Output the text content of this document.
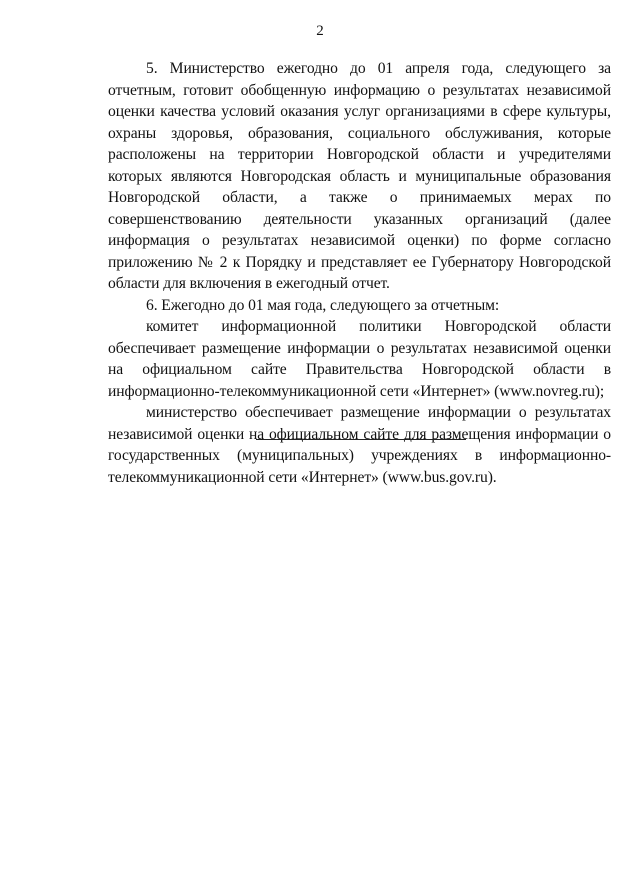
2

5. Министерство ежегодно до 01 апреля года, следующего за отчетным, готовит обобщенную информацию о результатах независимой оценки качества условий оказания услуг организациями в сфере культуры, охраны здоровья, образования, социального обслуживания, которые расположены на территории Новгородской области и учредителями которых являются Новгородская область и муниципальные образования Новгородской области, а также о принимаемых мерах по совершенствованию деятельности указанных организаций (далее информация о результатах независимой оценки) по форме согласно приложению № 2 к Порядку и представляет ее Губернатору Новгородской области для включения в ежегодный отчет.

6. Ежегодно до 01 мая года, следующего за отчетным:

комитет информационной политики Новгородской области обеспечивает размещение информации о результатах независимой оценки на официальном сайте Правительства Новгородской области в информационно-телекоммуникационной сети «Интернет» (www.novreg.ru);

министерство обеспечивает размещение информации о результатах независимой оценки на официальном сайте для размещения информации о государственных (муниципальных) учреждениях в информационно-телекоммуникационной сети «Интернет» (www.bus.gov.ru).
